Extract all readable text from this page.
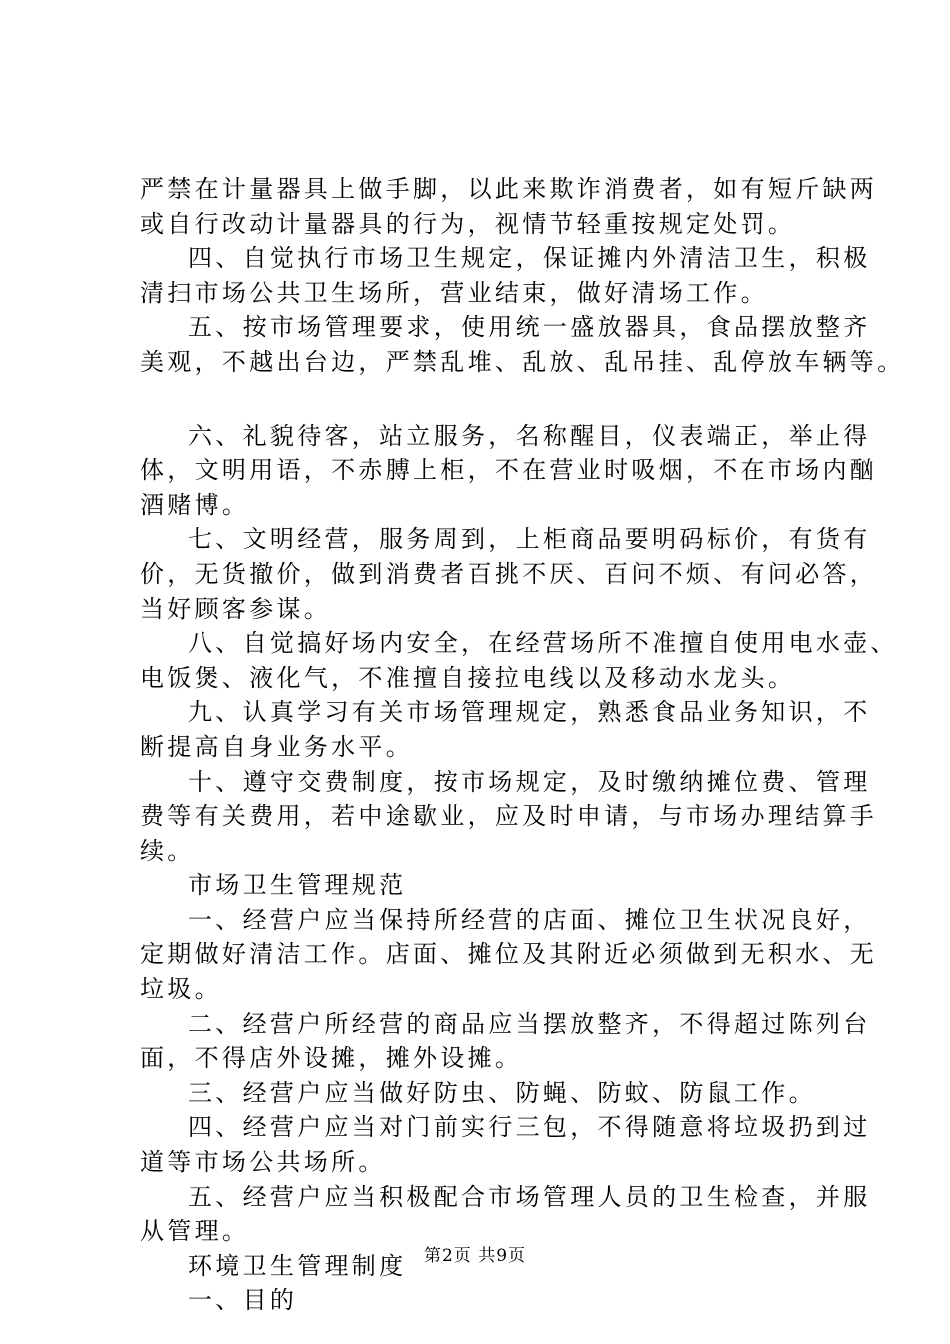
严禁在计量器具上做手脚，以此来欺诈消费者，如有短斤缺两
或自行改动计量器具的行为，视情节轻重按规定处罚。
四、自觉执行市场卫生规定，保证摊内外清洁卫生，积极
清扫市场公共卫生场所，营业结束，做好清场工作。
五、按市场管理要求，使用统一盛放器具，食品摆放整齐
美观，不越出台边，严禁乱堆、乱放、乱吊挂、乱停放车辆等。
六、礼貌待客，站立服务，名称醒目，仪表端正，举止得
体，文明用语，不赤膊上柜，不在营业时吸烟，不在市场内酗
酒赌博。
七、文明经营，服务周到，上柜商品要明码标价，有货有
价，无货撤价，做到消费者百挑不厌、百问不烦、有问必答，
当好顾客参谋。
八、自觉搞好场内安全，在经营场所不准擅自使用电水壶、
电饭煲、液化气，不准擅自接拉电线以及移动水龙头。
九、认真学习有关市场管理规定，熟悉食品业务知识，不
断提高自身业务水平。
十、遵守交费制度，按市场规定，及时缴纳摊位费、管理
费等有关费用，若中途歇业，应及时申请，与市场办理结算手
续。
市场卫生管理规范
一、经营户应当保持所经营的店面、摊位卫生状况良好，
定期做好清洁工作。店面、摊位及其附近必须做到无积水、无
垃圾。
二、经营户所经营的商品应当摆放整齐，不得超过陈列台
面，不得店外设摊，摊外设摊。
三、经营户应当做好防虫、防蝇、防蚊、防鼠工作。
四、经营户应当对门前实行三包，不得随意将垃圾扔到过
道等市场公共场所。
五、经营户应当积极配合市场管理人员的卫生检查，并服
从管理。
环境卫生管理制度
一、目的
第2页 共9页
